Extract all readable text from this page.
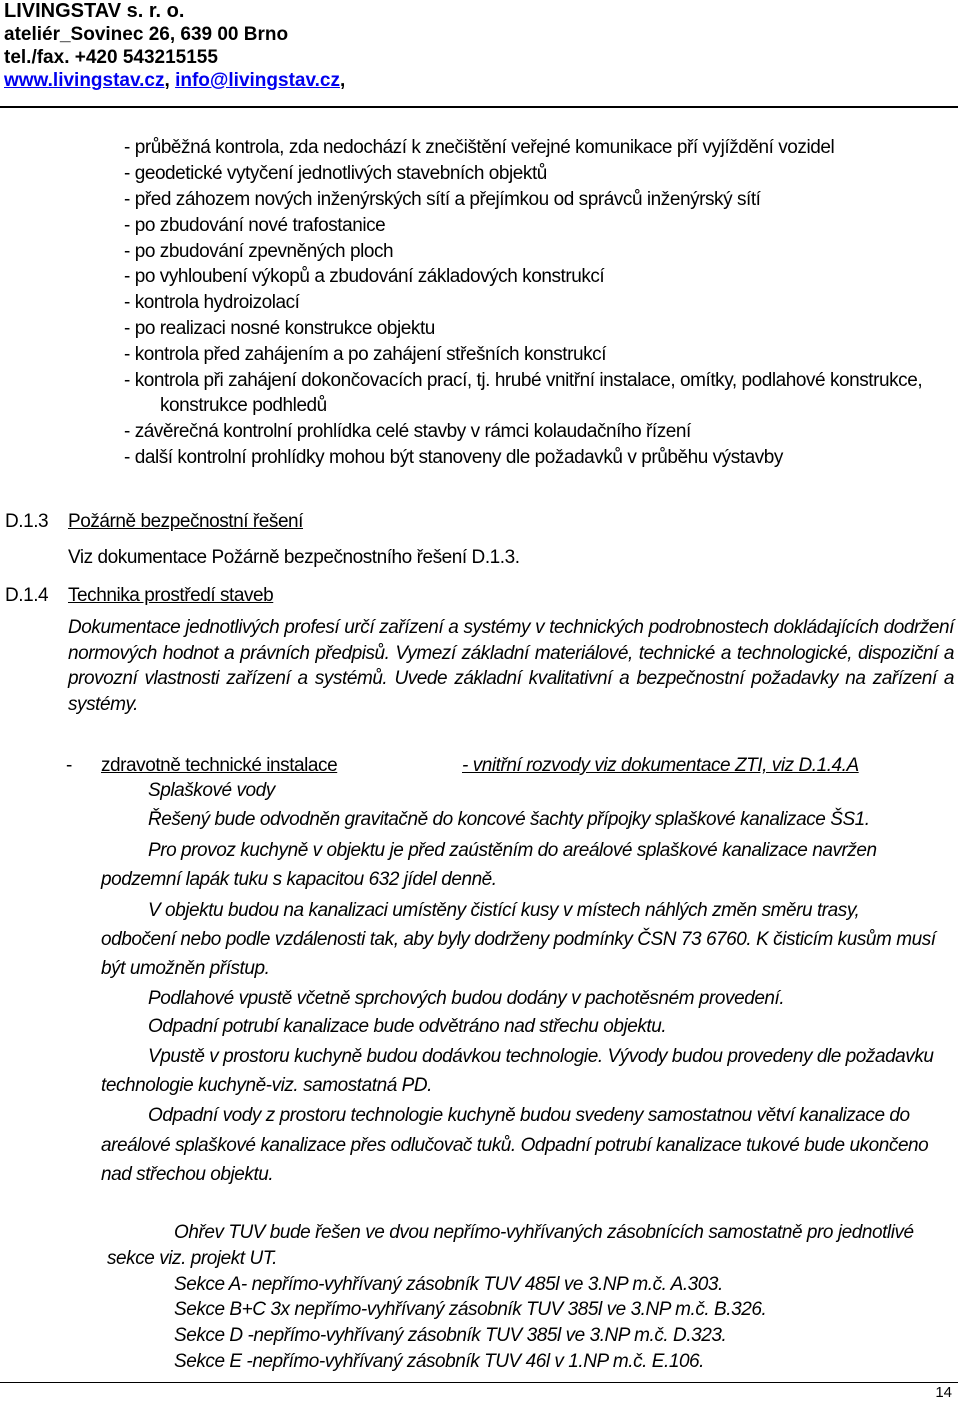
LIVINGSTAV s. r. o.
ateliér_Sovinec 26, 639 00 Brno
tel./fax. +420 543215155
www.livingstav.cz, info@livingstav.cz,
- průběžná kontrola, zda nedochází k znečištění veřejné komunikace pří vyjíždění vozidel
- geodetické vytyčení jednotlivých stavebních objektů
- před záhozem nových inženýrských sítí a přejímkou od správců inženýrský sítí
- po zbudování nové trafostanice
- po zbudování zpevněných ploch
- po vyhloubení výkopů a zbudování základových konstrukcí
- kontrola hydroizolací
- po realizaci nosné konstrukce objektu
- kontrola před zahájením a po zahájení střešních konstrukcí
- kontrola při zahájení dokončovacích prací, tj. hrubé vnitřní instalace, omítky, podlahové konstrukce,
konstrukce podhledů
- závěrečná kontrolní prohlídka celé stavby v rámci kolaudačního řízení
- další kontrolní prohlídky mohou být stanoveny dle požadavků v průběhu výstavby
D.1.3 Požárně bezpečnostní řešení
Viz dokumentace Požárně bezpečnostního řešení D.1.3.
D.1.4 Technika prostředí staveb
Dokumentace jednotlivých profesí určí zařízení a systémy v technických podrobnostech dokládajících dodržení normových hodnot a právních předpisů. Vymezí základní materiálové, technické a technologické, dispoziční a provozní vlastnosti zařízení a systémů. Uvede základní kvalitativní a bezpečnostní požadavky na zařízení a systémy.
- zdravotně technické instalace	- vnitřní rozvody viz dokumentace ZTI, viz D.1.4.A
Splaškové vody
Řešený bude odvodněn gravitačně do koncové šachty přípojky splaškové kanalizace ŠS1.
Pro provoz kuchyně v objektu je před zaústěním do areálové splaškové kanalizace navržen
podzemní lapák tuku s kapacitou 632 jídel denně.
V objektu budou na kanalizaci umístěny čistící kusy v místech náhlých změn směru trasy,
odbočení nebo podle vzdálenosti tak, aby byly dodrženy podmínky ČSN 73 6760. K čisticím kusům musí
být umožněn přístup.
Podlahové vpustě včetně sprchových budou dodány v pachotěsném provedení.
Odpadní potrubí kanalizace bude odvětráno nad střechu objektu.
Vpustě v prostoru kuchyně budou dodávkou technologie. Vývody budou provedeny dle požadavku
technologie kuchyně-viz. samostatná PD.
Odpadní vody z prostoru technologie kuchyně budou svedeny samostatnou větví kanalizace do
areálové splaškové kanalizace přes odlučovač tuků. Odpadní potrubí kanalizace tukové bude ukončeno
nad střechou objektu.
Ohřev TUV bude řešen ve dvou nepřímo-vyhřívaných zásobnících samostatně pro jednotlivé
sekce viz. projekt UT.
Sekce A- nepřímo-vyhřívaný zásobník TUV 485l ve 3.NP m.č. A.303.
Sekce B+C 3x nepřímo-vyhřívaný zásobník TUV 385l ve 3.NP m.č. B.326.
Sekce D -nepřímo-vyhřívaný zásobník TUV 385l ve 3.NP m.č. D.323.
Sekce E -nepřímo-vyhřívaný zásobník TUV 46l v 1.NP m.č. E.106.
14
